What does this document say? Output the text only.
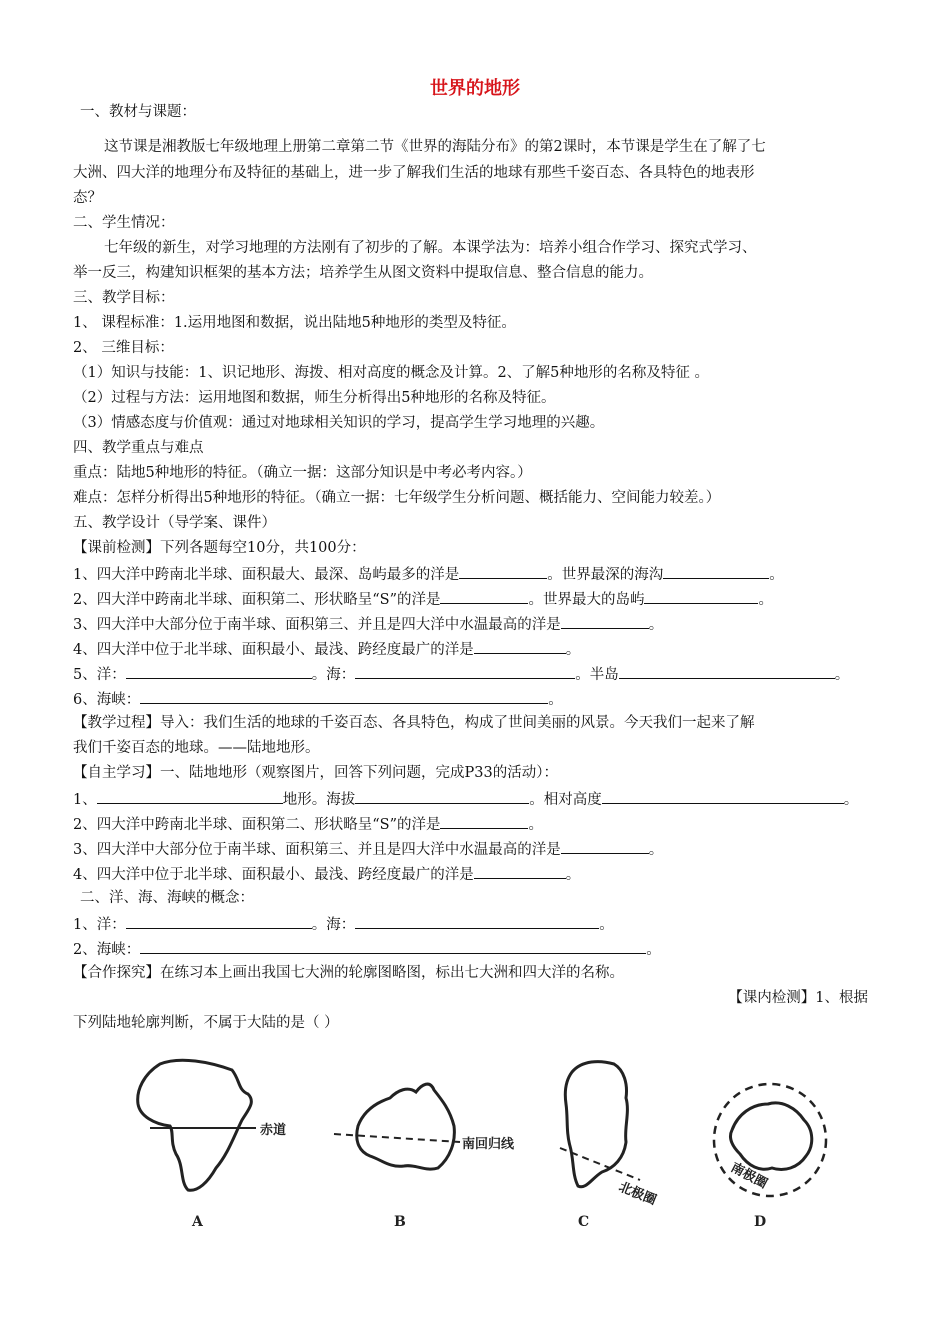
世界的地形
一、教材与课题：
这节课是湘教版七年级地理上册第二章第二节《世界的海陆分布》的第2课时，本节课是学生在了解了七
大洲、四大洋的地理分布及特征的基础上，进一步了解我们生活的地球有那些千姿百态、各具特色的地表形
态？
二、学生情况：
七年级的新生，对学习地理的方法刚有了初步的了解。本课学法为：培养小组合作学习、探究式学习、
举一反三，构建知识框架的基本方法；培养学生从图文资料中提取信息、整合信息的能力。
三、教学目标：
1、 课程标准：1.运用地图和数据，说出陆地5种地形的类型及特征。
2、 三维目标：
（1）知识与技能：1、识记地形、海拨、相对高度的概念及计算。2、了解5种地形的名称及特征 。
（2）过程与方法：运用地图和数据，师生分析得出5种地形的名称及特征。
（3）情感态度与价值观：通过对地球相关知识的学习，提高学生学习地理的兴趣。
四、教学重点与难点
重点：陆地5种地形的特征。（确立一据：这部分知识是中考必考内容。）
难点：怎样分析得出5种地形的特征。（确立一据：七年级学生分析问题、概括能力、空间能力较差。）
五、教学设计（导学案、课件）
【课前检测】下列各题每空10分，共100分：
1、四大洋中跨南北半球、面积最大、最深、岛屿最多的洋是	。世界最深的海沟	。
2、四大洋中跨南北半球、面积第二、形状略呈“S”的洋是	。世界最大的岛屿	。
3、四大洋中大部分位于南半球、面积第三、并且是四大洋中水温最高的洋是	。
4、四大洋中位于北半球、面积最小、最浅、跨经度最广的洋是	。
5、洋：	。海：	。半岛	。
6、海峡：	。
【教学过程】导入：我们生活的地球的千姿百态、各具特色，构成了世间美丽的风景。今天我们一起来了解
我们千姿百态的地球。——陆地地形。
【自主学习】一、陆地地形（观察图片，回答下列问题，完成P33的活动）：
1、	地形。海拔	。相对高度	。
2、四大洋中跨南北半球、面积第二、形状略呈“S”的洋是	。
3、四大洋中大部分位于南半球、面积第三、并且是四大洋中水温最高的洋是	。
4、四大洋中位于北半球、面积最小、最浅、跨经度最广的洋是	。
二、洋、海、海峡的概念：
1、洋：	。海：	。
2、海峡：	。
【合作探究】在练习本上画出我国七大洲的轮廓图略图，标出七大洲和四大洋的名称。
【课内检测】1、根据
下列陆地轮廓判断，不属于大陆的是（ ）
赤道
A
南回归线
B
北极圈
C
南极圈
D
